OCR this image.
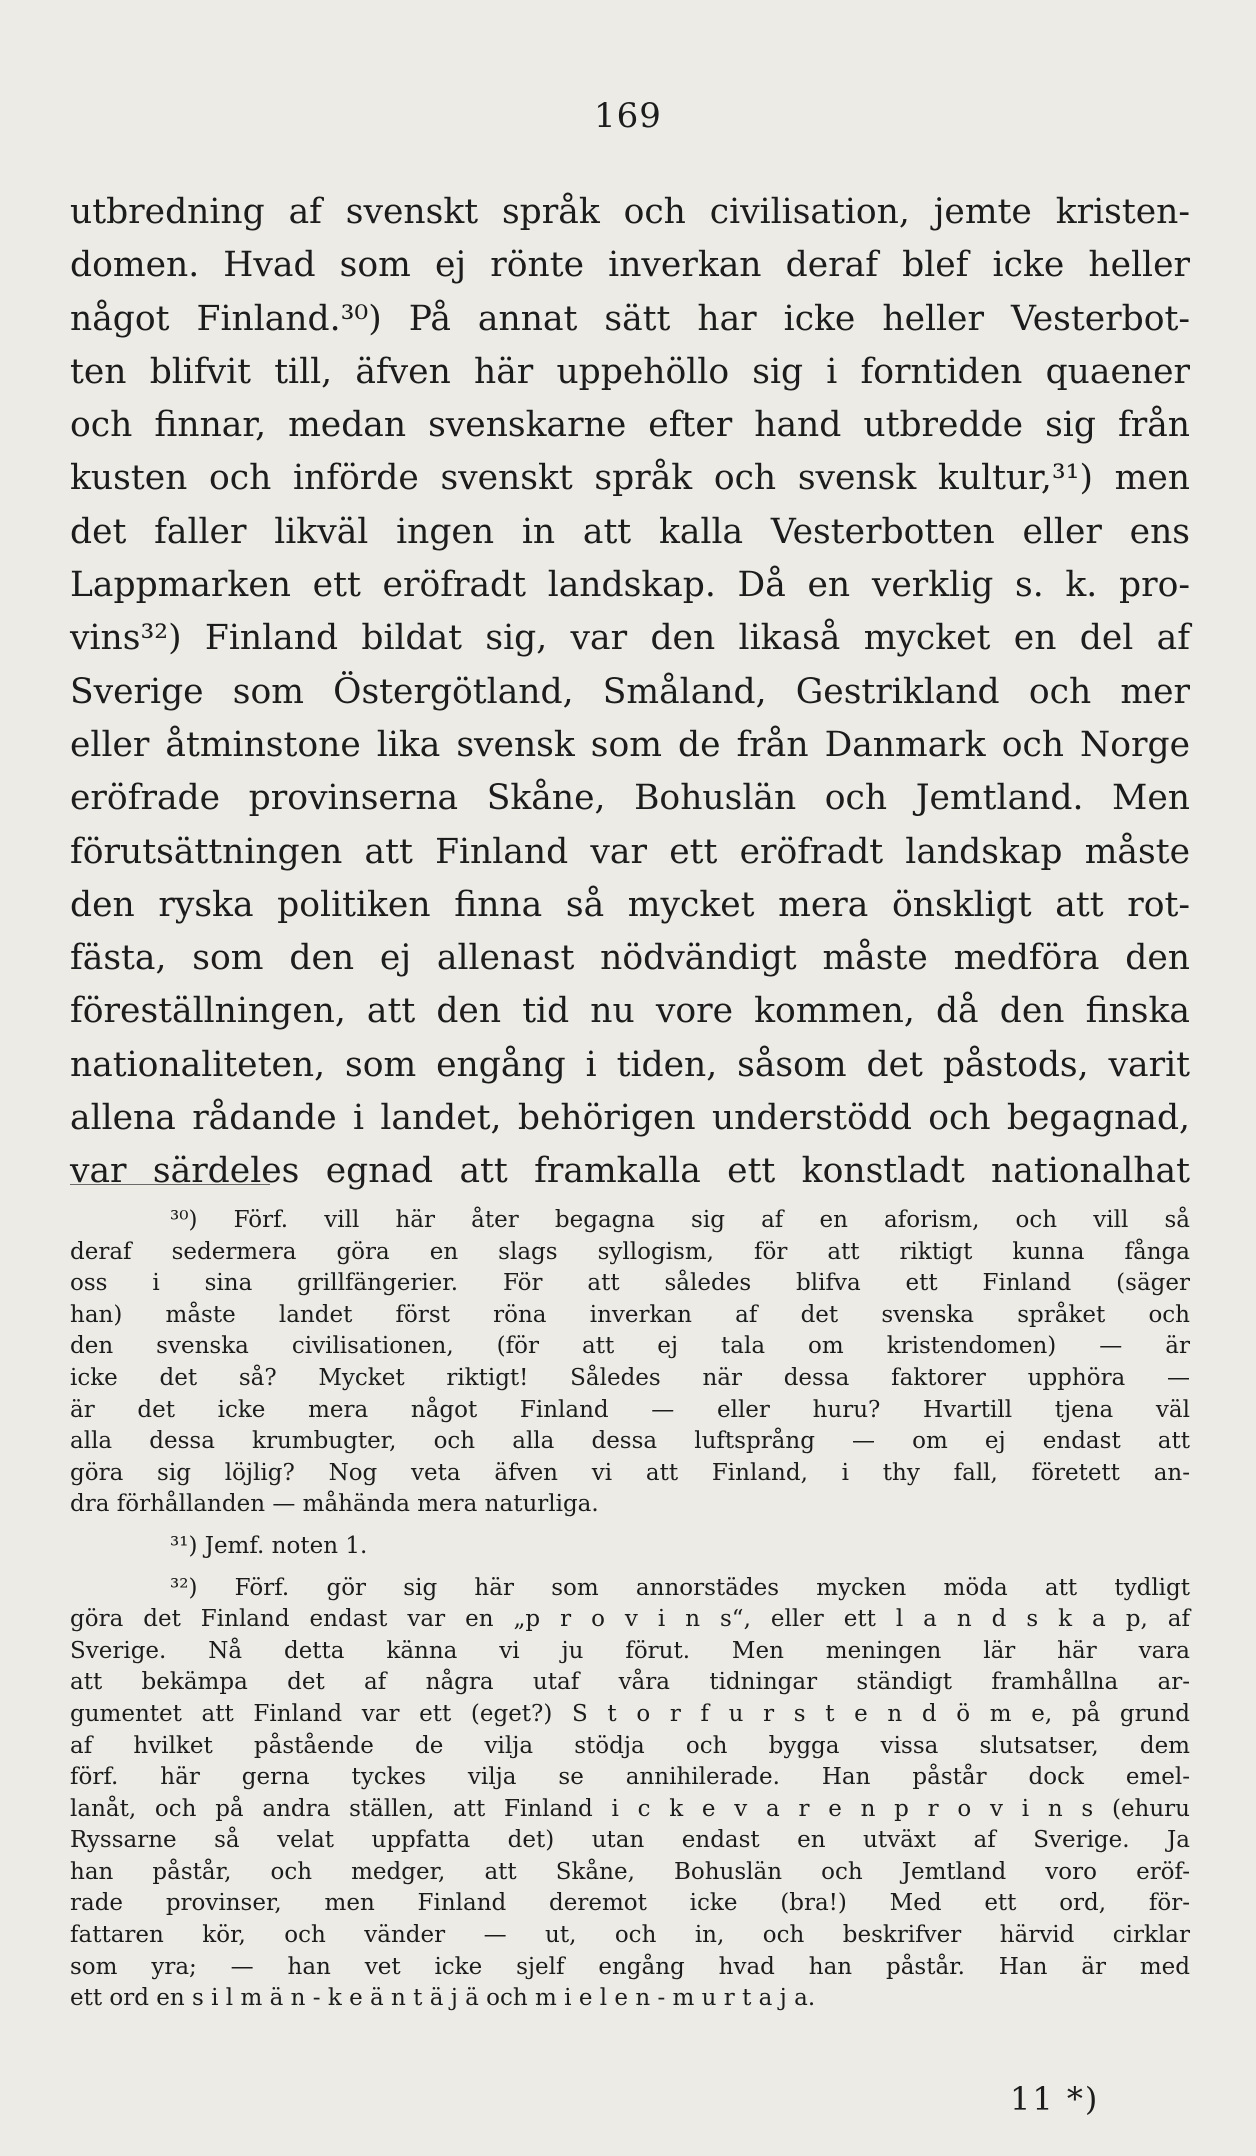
169
utbredning af svenskt språk och civilisation, jemte kristen-
domen. Hvad som ej rönte inverkan deraf blef icke heller
något Finland.³⁰) På annat sätt har icke heller Vesterbot-
ten blifvit till, äfven här uppehöllo sig i forntiden quaener
och finnar, medan svenskarne efter hand utbredde sig från
kusten och införde svenskt språk och svensk kultur,³¹) men
det faller likväl ingen in att kalla Vesterbotten eller ens
Lappmarken ett eröfradt landskap. Då en verklig s. k. pro-
vins³²) Finland bildat sig, var den likaså mycket en del af
Sverige som Östergötland, Småland, Gestrikland och mer
eller åtminstone lika svensk som de från Danmark och Norge
eröfrade provinserna Skåne, Bohuslän och Jemtland. Men
förutsättningen att Finland var ett eröfradt landskap måste
den ryska politiken finna så mycket mera önskligt att rot-
fästa, som den ej allenast nödvändigt måste medföra den
föreställningen, att den tid nu vore kommen, då den finska
nationaliteten, som engång i tiden, såsom det påstods, varit
allena rådande i landet, behörigen understödd och begagnad,
var särdeles egnad att framkalla ett konstladt nationalhat
³⁰) Förf. vill här åter begagna sig af en aforism, och vill så
deraf sedermera göra en slags syllogism, för att riktigt kunna fånga
oss i sina grillfängerier. För att således blifva ett Finland (säger
han) måste landet först röna inverkan af det svenska språket och
den svenska civilisationen, (för att ej tala om kristendomen) — är
icke det så? Mycket riktigt! Således när dessa faktorer upphöra —
är det icke mera något Finland — eller huru? Hvartill tjena väl
alla dessa krumbugter, och alla dessa luftsprång — om ej endast att
göra sig löjlig? Nog veta äfven vi att Finland, i thy fall, företett an-
dra förhållanden — måhända mera naturliga.
³¹) Jemf. noten 1.
³²) Förf. gör sig här som annorstädes mycken möda att tydligt
göra det Finland endast var en „p r o v i n s“, eller ett l a n d s k a p, af
Sverige. Nå detta känna vi ju förut. Men meningen lär här vara
att bekämpa det af några utaf våra tidningar ständigt framhållna ar-
gumentet att Finland var ett (eget?) S t o r f u r s t e n d ö m e, på grund
af hvilket påstående de vilja stödja och bygga vissa slutsatser, dem
förf. här gerna tyckes vilja se annihilerade. Han påstår dock emel-
lanåt, och på andra ställen, att Finland i c k e v a r e n p r o v i n s (ehuru
Ryssarne så velat uppfatta det) utan endast en utväxt af Sverige. Ja
han påstår, och medger, att Skåne, Bohuslän och Jemtland voro eröf-
rade provinser, men Finland deremot icke (bra!) Med ett ord, för-
fattaren kör, och vänder — ut, och in, och beskrifver härvid cirklar
som yra; — han vet icke sjelf engång hvad han påstår. Han är med
ett ord en s i l m ä n - k e ä n t ä j ä och m i e l e n - m u r t a j a.
11 *)
